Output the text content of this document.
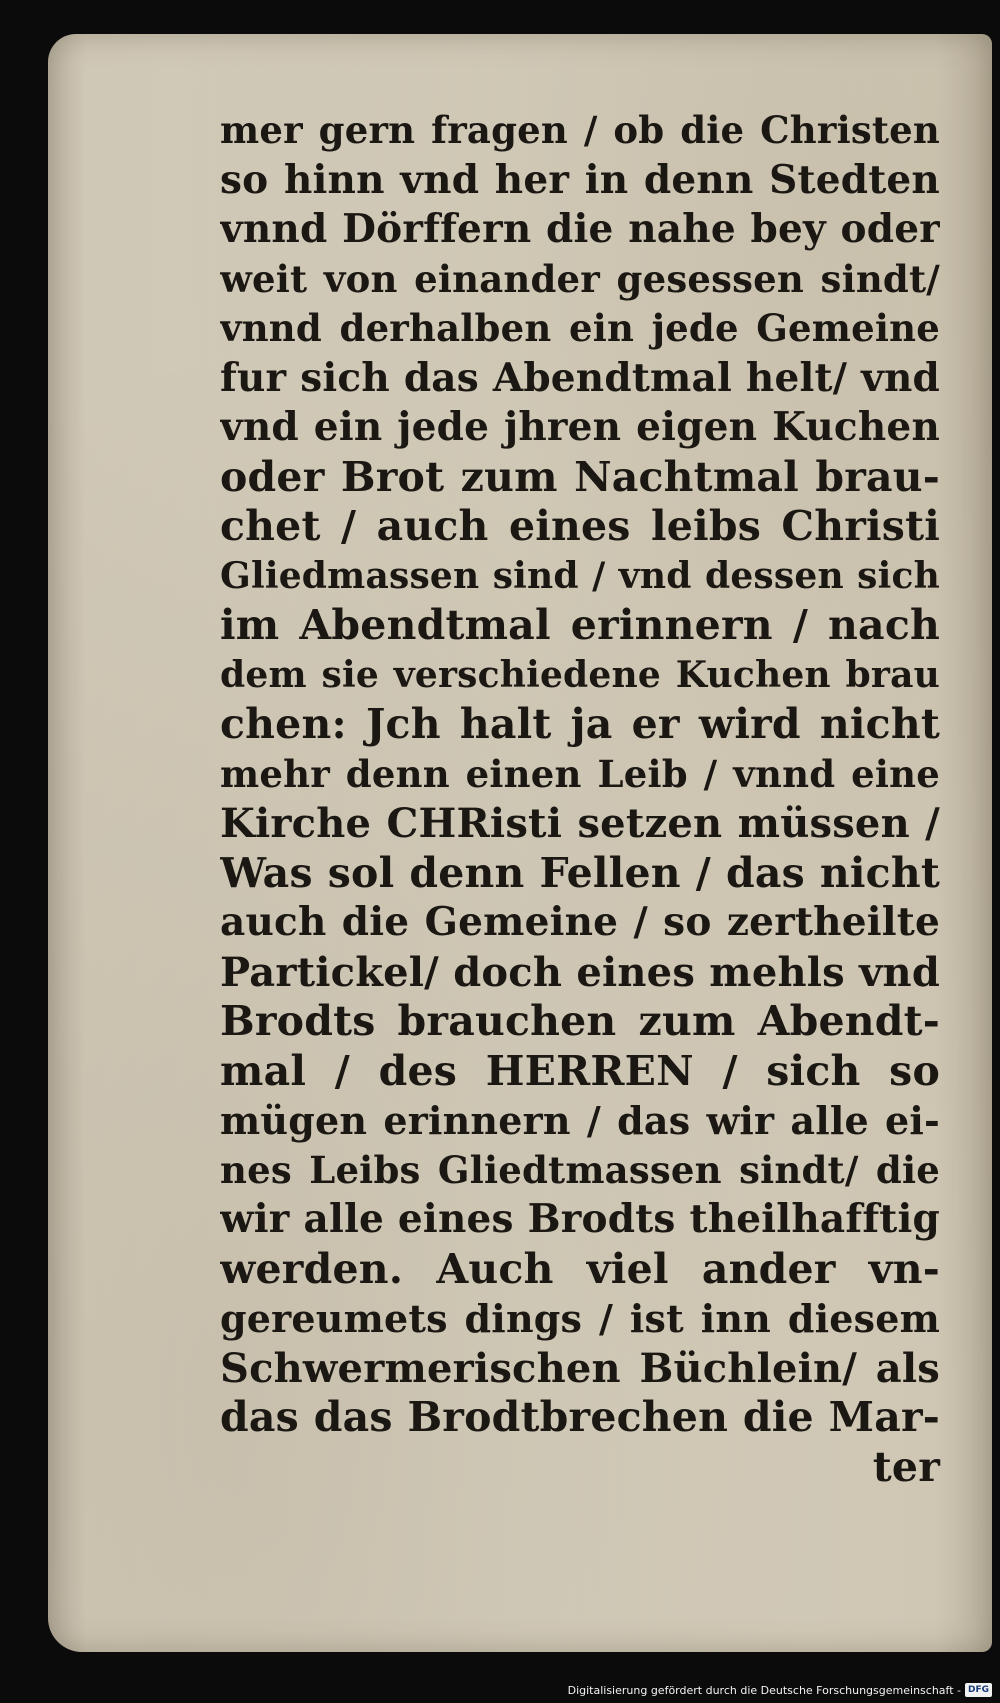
mer gern fragen / ob die Christen
so hinn vnd her in denn Stedten
vnnd Dörffern die nahe bey oder
weit von einander gesessen sindt/
vnnd derhalben ein jede Gemeine
fur sich das Abendtmal helt/ vnd
vnd ein jede jhren eigen Kuchen
oder Brot zum Nachtmal brau-
chet / auch eines leibs Christi
Gliedmassen sind / vnd dessen sich
im Abendtmal erinnern / nach
dem sie verschiedene Kuchen brau
chen: Jch halt ja er wird nicht
mehr denn einen Leib / vnnd eine
Kirche CHRisti setzen müssen /
Was sol denn Fellen / das nicht
auch die Gemeine / so zertheilte
Partickel/ doch eines mehls vnd
Brodts brauchen zum Abendt-
mal / des HERREN / sich so
mügen erinnern / das wir alle ei-
nes Leibs Gliedtmassen sindt/ die
wir alle eines Brodts theilhafftig
werden. Auch viel ander vn-
gereumets dings / ist inn diesem
Schwermerischen Büchlein/ als
das das Brodtbrechen die Mar-
ter
Digitalisierung gefördert durch die Deutsche Forschungsgemeinschaft - DFG
